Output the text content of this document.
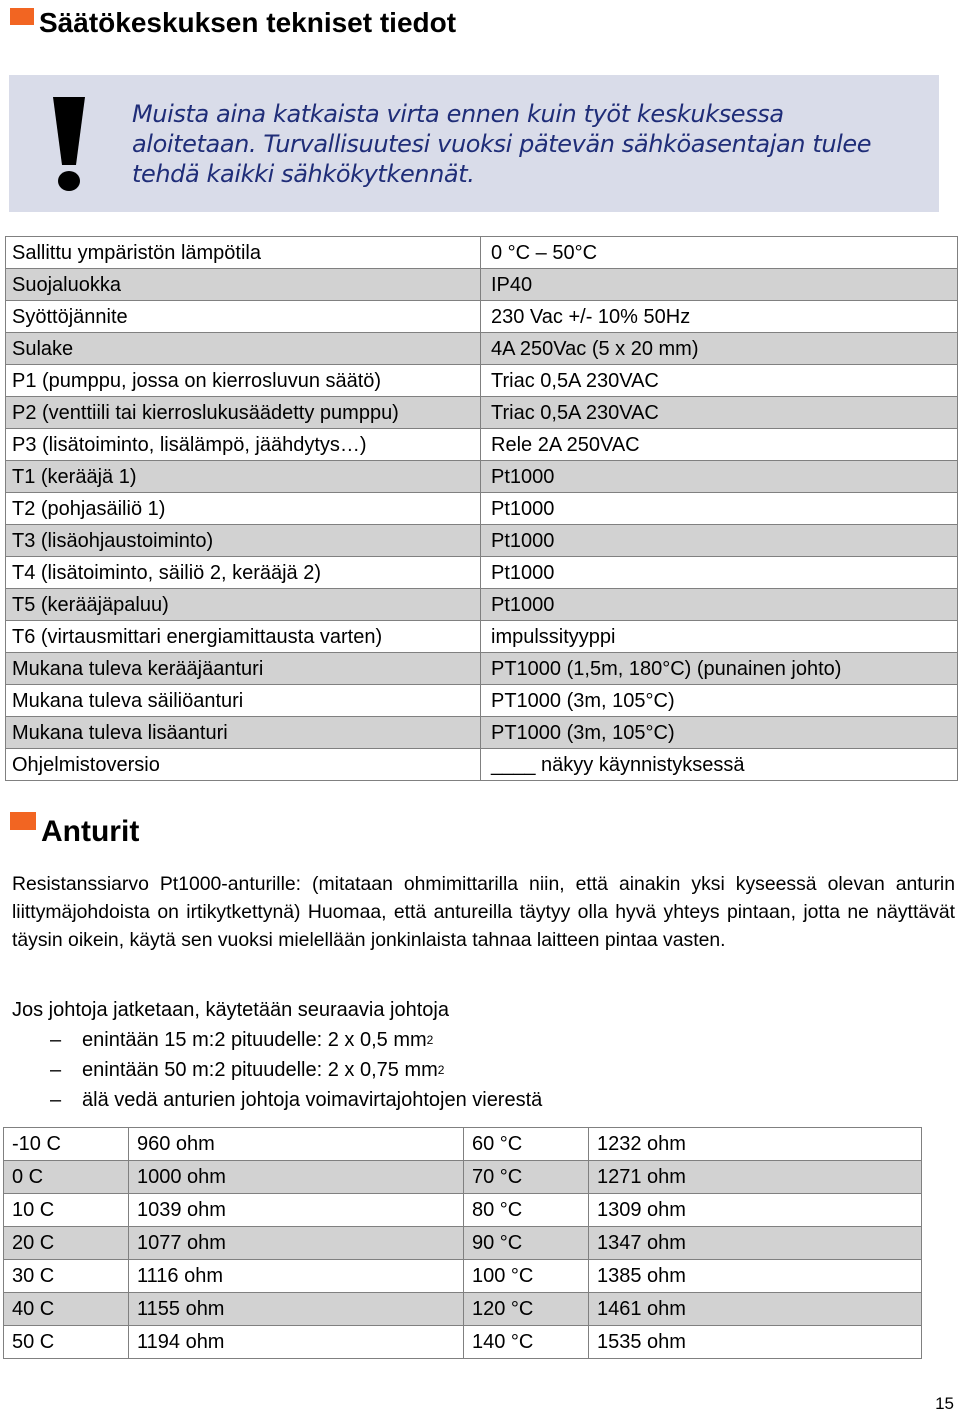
Säätökeskuksen tekniset tiedot
Muista aina katkaista virta ennen kuin työt keskuksessa
aloitetaan. Turvallisuutesi vuoksi pätevän sähköasentajan tulee
tehdä kaikki sähkökytkennät.
Sallittu ympäristön lämpötila	0 °C – 50°C
Suojaluokka	IP40
Syöttöjännite	230 Vac +/- 10% 50Hz
Sulake	4A 250Vac (5 x 20 mm)
P1 (pumppu, jossa on kierrosluvun säätö)	Triac 0,5A 230VAC
P2 (venttiili tai kierroslukusäädetty pumppu)	Triac 0,5A 230VAC
P3 (lisätoiminto, lisälämpö, jäähdytys…)	Rele 2A 250VAC
T1 (kerääjä 1)	Pt1000
T2 (pohjasäiliö 1)	Pt1000
T3 (lisäohjaustoiminto)	Pt1000
T4 (lisätoiminto, säiliö 2, kerääjä 2)	Pt1000
T5 (kerääjäpaluu)	Pt1000
T6 (virtausmittari energiamittausta varten)	impulssityyppi
Mukana tuleva kerääjäanturi	PT1000 (1,5m, 180°C) (punainen johto)
Mukana tuleva säiliöanturi	PT1000 (3m, 105°C)
Mukana tuleva lisäanturi	PT1000 (3m, 105°C)
Ohjelmistoversio	____ näkyy käynnistyksessä
Anturit
Resistanssiarvo Pt1000-anturille: (mitataan ohmimittarilla niin, että ainakin yksi kyseessä olevan anturin liittymäjohdoista on irtikytkettynä) Huomaa, että antureilla täytyy olla hyvä yhteys pintaan, jotta ne näyttävät täysin oikein, käytä sen vuoksi mielellään jonkinlaista tahnaa laitteen pintaa vasten.
Jos johtoja jatketaan, käytetään seuraavia johtoja
–	enintään 15 m:2 pituudelle: 2 x 0,5 mm 2
–	enintään 50 m:2 pituudelle: 2 x 0,75 mm 2
–	älä vedä anturien johtoja voimavirtajohtojen vierestä
-10 C	960 ohm	60 °C	1232 ohm
0 C	1000 ohm	70 °C	1271 ohm
10 C	1039 ohm	80 °C	1309 ohm
20 C	1077 ohm	90 °C	1347 ohm
30 C	1116 ohm	100 °C	1385 ohm
40 C	1155 ohm	120 °C	1461 ohm
50 C	1194 ohm	140 °C	1535 ohm
15
